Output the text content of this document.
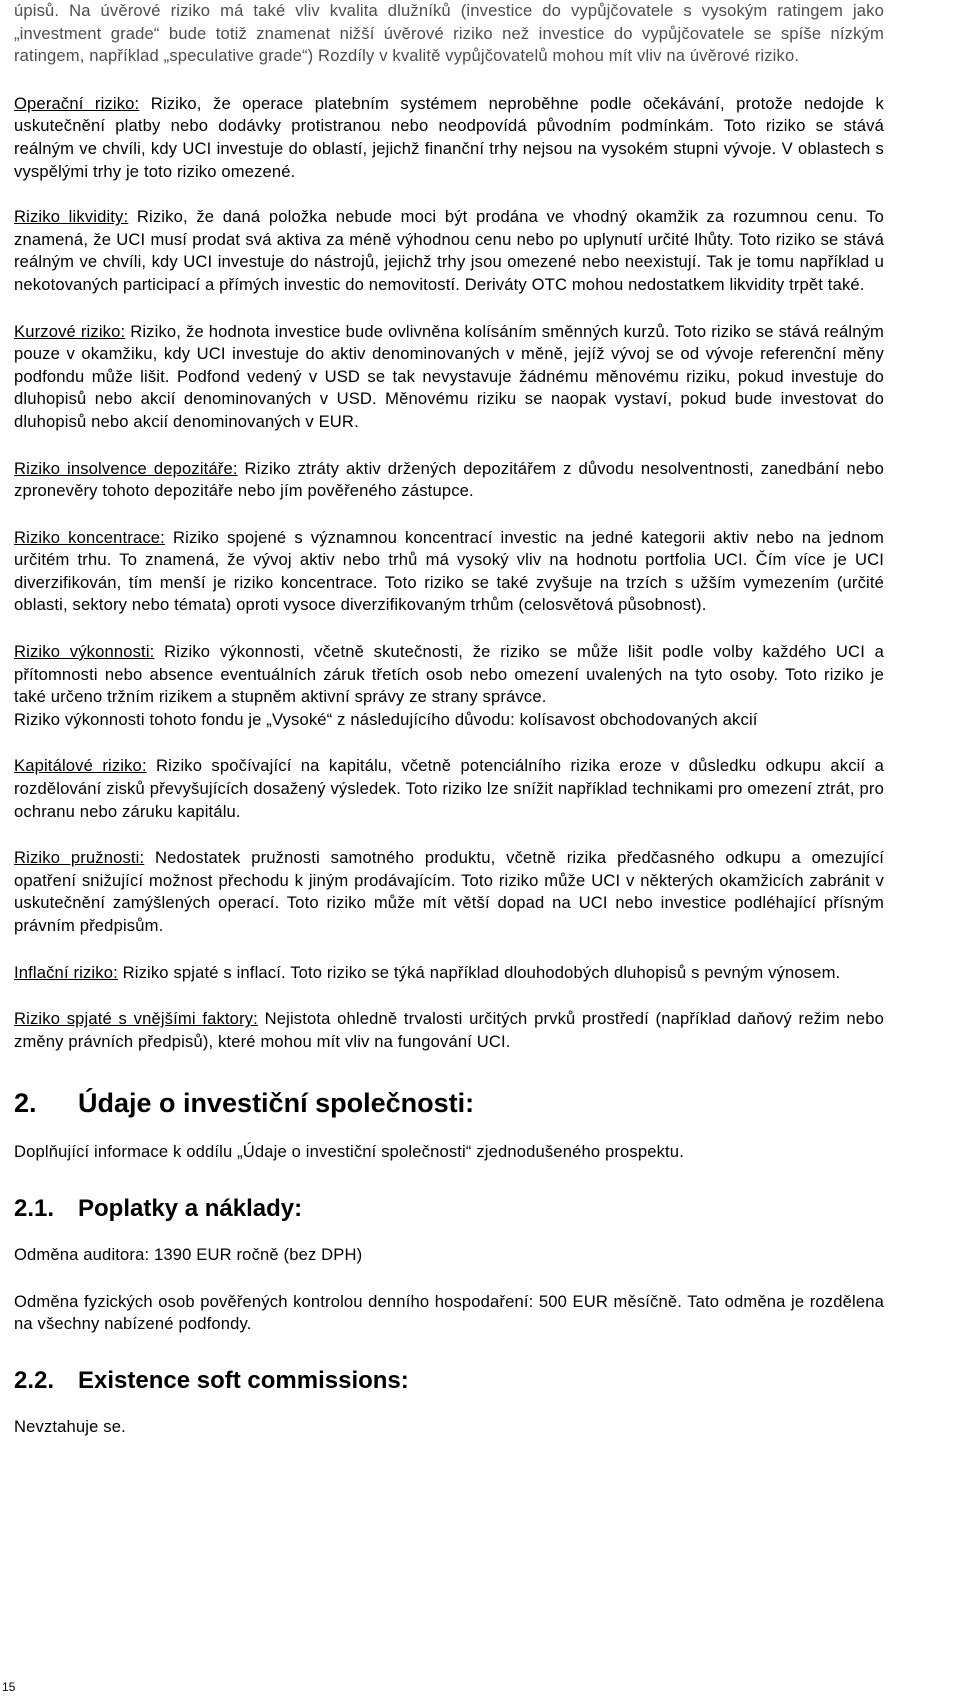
úpisů. Na úvěrové riziko má také vliv kvalita dlužníků (investice do vypůjčovatele s vysokým ratingem jako „investment grade“ bude totiž znamenat nižší úvěrové riziko než investice do vypůjčovatele se spíše nízkým ratingem, například „speculative grade“) Rozdíly v kvalitě vypůjčovatelů mohou mít vliv na úvěrové riziko.

Operační riziko: Riziko, že operace platebním systémem neproběhne podle očekávání, protože nedojde k uskutečnění platby nebo dodávky protistranou nebo neodpovídá původním podmínkám. Toto riziko se stává reálným ve chvíli, kdy UCI investuje do oblastí, jejichž finanční trhy nejsou na vysokém stupni vývoje. V oblastech s vyspělými trhy je toto riziko omezené.

Riziko likvidity: Riziko, že daná položka nebude moci být prodána ve vhodný okamžik za rozumnou cenu. To znamená, že UCI musí prodat svá aktiva za méně výhodnou cenu nebo po uplynutí určité lhůty. Toto riziko se stává reálným ve chvíli, kdy UCI investuje do nástrojů, jejichž trhy jsou omezené nebo neexistují. Tak je tomu například u nekotovaných participací a přímých investic do nemovitostí. Deriváty OTC mohou nedostatkem likvidity trpět také.

Kurzové riziko: Riziko, že hodnota investice bude ovlivněna kolísáním směnných kurzů. Toto riziko se stává reálným pouze v okamžiku, kdy UCI investuje do aktiv denominovaných v měně, jejíž vývoj se od vývoje referenční měny podfondu může lišit. Podfond vedený v USD se tak nevystavuje žádnému měnovému riziku, pokud investuje do dluhopisů nebo akcií denominovaných v USD. Měnovému riziku se naopak vystaví, pokud bude investovat do dluhopisů nebo akcií denominovaných v EUR.

Riziko insolvence depozitáře: Riziko ztráty aktiv držených depozitářem z důvodu nesolventnosti, zanedbání nebo zpronevěry tohoto depozitáře nebo jím pověřeného zástupce.

Riziko koncentrace: Riziko spojené s významnou koncentrací investic na jedné kategorii aktiv nebo na jednom určitém trhu. To znamená, že vývoj aktiv nebo trhů má vysoký vliv na hodnotu portfolia UCI. Čím více je UCI diverzifikován, tím menší je riziko koncentrace. Toto riziko se také zvyšuje na trzích s užším vymezením (určité oblasti, sektory nebo témata) oproti vysoce diverzifikovaným trhům (celosvětová působnost).

Riziko výkonnosti: Riziko výkonnosti, včetně skutečnosti, že riziko se může lišit podle volby každého UCI a přítomnosti nebo absence eventuálních záruk třetích osob nebo omezení uvalených na tyto osoby. Toto riziko je také určeno tržním rizikem a stupněm aktivní správy ze strany správce.

Riziko výkonnosti tohoto fondu je „Vysoké“ z následujícího důvodu: kolísavost obchodovaných akcií

Kapitálové riziko: Riziko spočívající na kapitálu, včetně potenciálního rizika eroze v důsledku odkupu akcií a rozdělování zisků převyšujících dosažený výsledek. Toto riziko lze snížit například technikami pro omezení ztrát, pro ochranu nebo záruku kapitálu.

Riziko pružnosti: Nedostatek pružnosti samotného produktu, včetně rizika předčasného odkupu a omezující opatření snižující možnost přechodu k jiným prodávajícím. Toto riziko může UCI v některých okamžicích zabránit v uskutečnění zamýšlených operací. Toto riziko může mít větší dopad na UCI nebo investice podléhající přísným právním předpisům.

Inflační riziko: Riziko spjaté s inflací. Toto riziko se týká například dlouhodobých dluhopisů s pevným výnosem.

Riziko spjaté s vnějšími faktory: Nejistota ohledně trvalosti určitých prvků prostředí (například daňový režim nebo změny právních předpisů), které mohou mít vliv na fungování UCI.

2.	Údaje o investiční společnosti:

Doplňující informace k oddílu „Údaje o investiční společnosti“ zjednodušeného prospektu.

2.1. Poplatky a náklady:

Odměna auditora: 1390 EUR ročně (bez DPH)

Odměna fyzických osob pověřených kontrolou denního hospodaření: 500 EUR měsíčně. Tato odměna je rozdělena na všechny nabízené podfondy.

2.2. Existence soft commissions:

Nevztahuje se.

15
